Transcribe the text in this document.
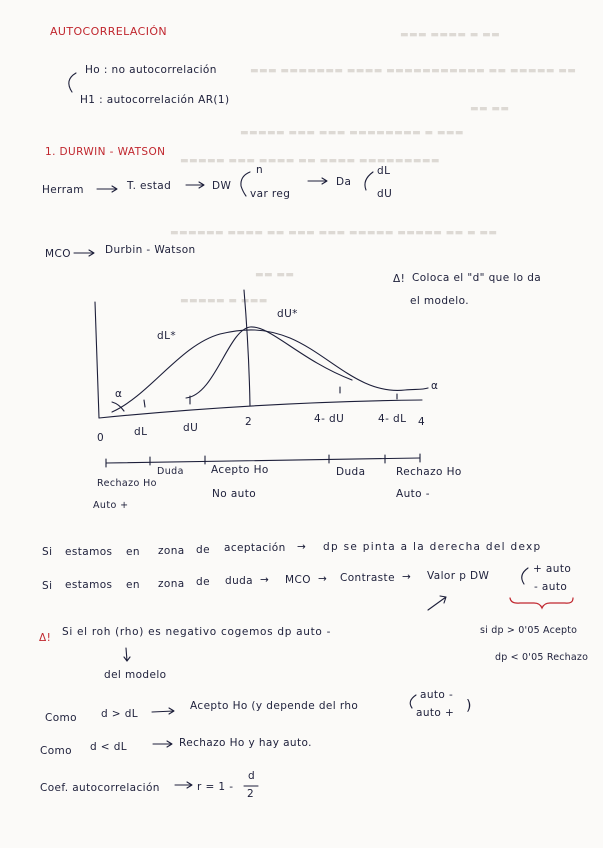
▬▬▬ ▬▬▬▬ ▬ ▬▬
▬▬▬ ▬▬▬▬▬▬▬ ▬▬▬▬ ▬▬▬▬▬▬▬▬▬▬▬ ▬▬ ▬▬▬▬▬ ▬▬
▬▬ ▬▬
▬▬▬▬▬ ▬▬▬ ▬▬▬ ▬▬▬▬▬▬▬▬ ▬ ▬▬▬
▬▬▬▬▬ ▬▬▬ ▬▬▬▬ ▬▬ ▬▬▬▬ ▬▬▬▬▬▬▬▬▬
▬▬▬▬▬▬ ▬▬▬▬ ▬▬ ▬▬▬ ▬▬▬ ▬▬▬▬▬ ▬▬▬▬▬ ▬▬ ▬ ▬▬
▬▬ ▬▬
▬▬▬▬▬ ▬ ▬▬▬
AUTOCORRELACIÓN
Ho : no autocorrelación
H1 : autocorrelación AR(1)
1. DURWIN - WATSON
Herram	T. estad	DW
n
var reg
Da
dL
dU
MCO	Durbin - Watson
Δ! Coloca el "d" que lo da
el modelo.
dL*
dU*
α
α
0	dL	dU	2	4- dU	4- dL 4
Rechazo Ho
Auto +
Duda	Acepto Ho
No auto
Duda	Rechazo Ho
Auto -
Si estamos en zona de aceptación → dp se pinta a la derecha del dexp
Si estamos en zona de duda → MCO → Contraste → Valor p DW
+ auto
- auto
Δ! Si el roh (rho) es negativo cogemos dp auto -
del modelo
si dp > 0'05 Acepto
dp < 0'05 Rechazo
Como d > dL
Acepto Ho (y depende del rho
auto -
auto + )
Como d < dL	Rechazo Ho y hay auto.
Coef. autocorrelación	r = 1 -
d
2
